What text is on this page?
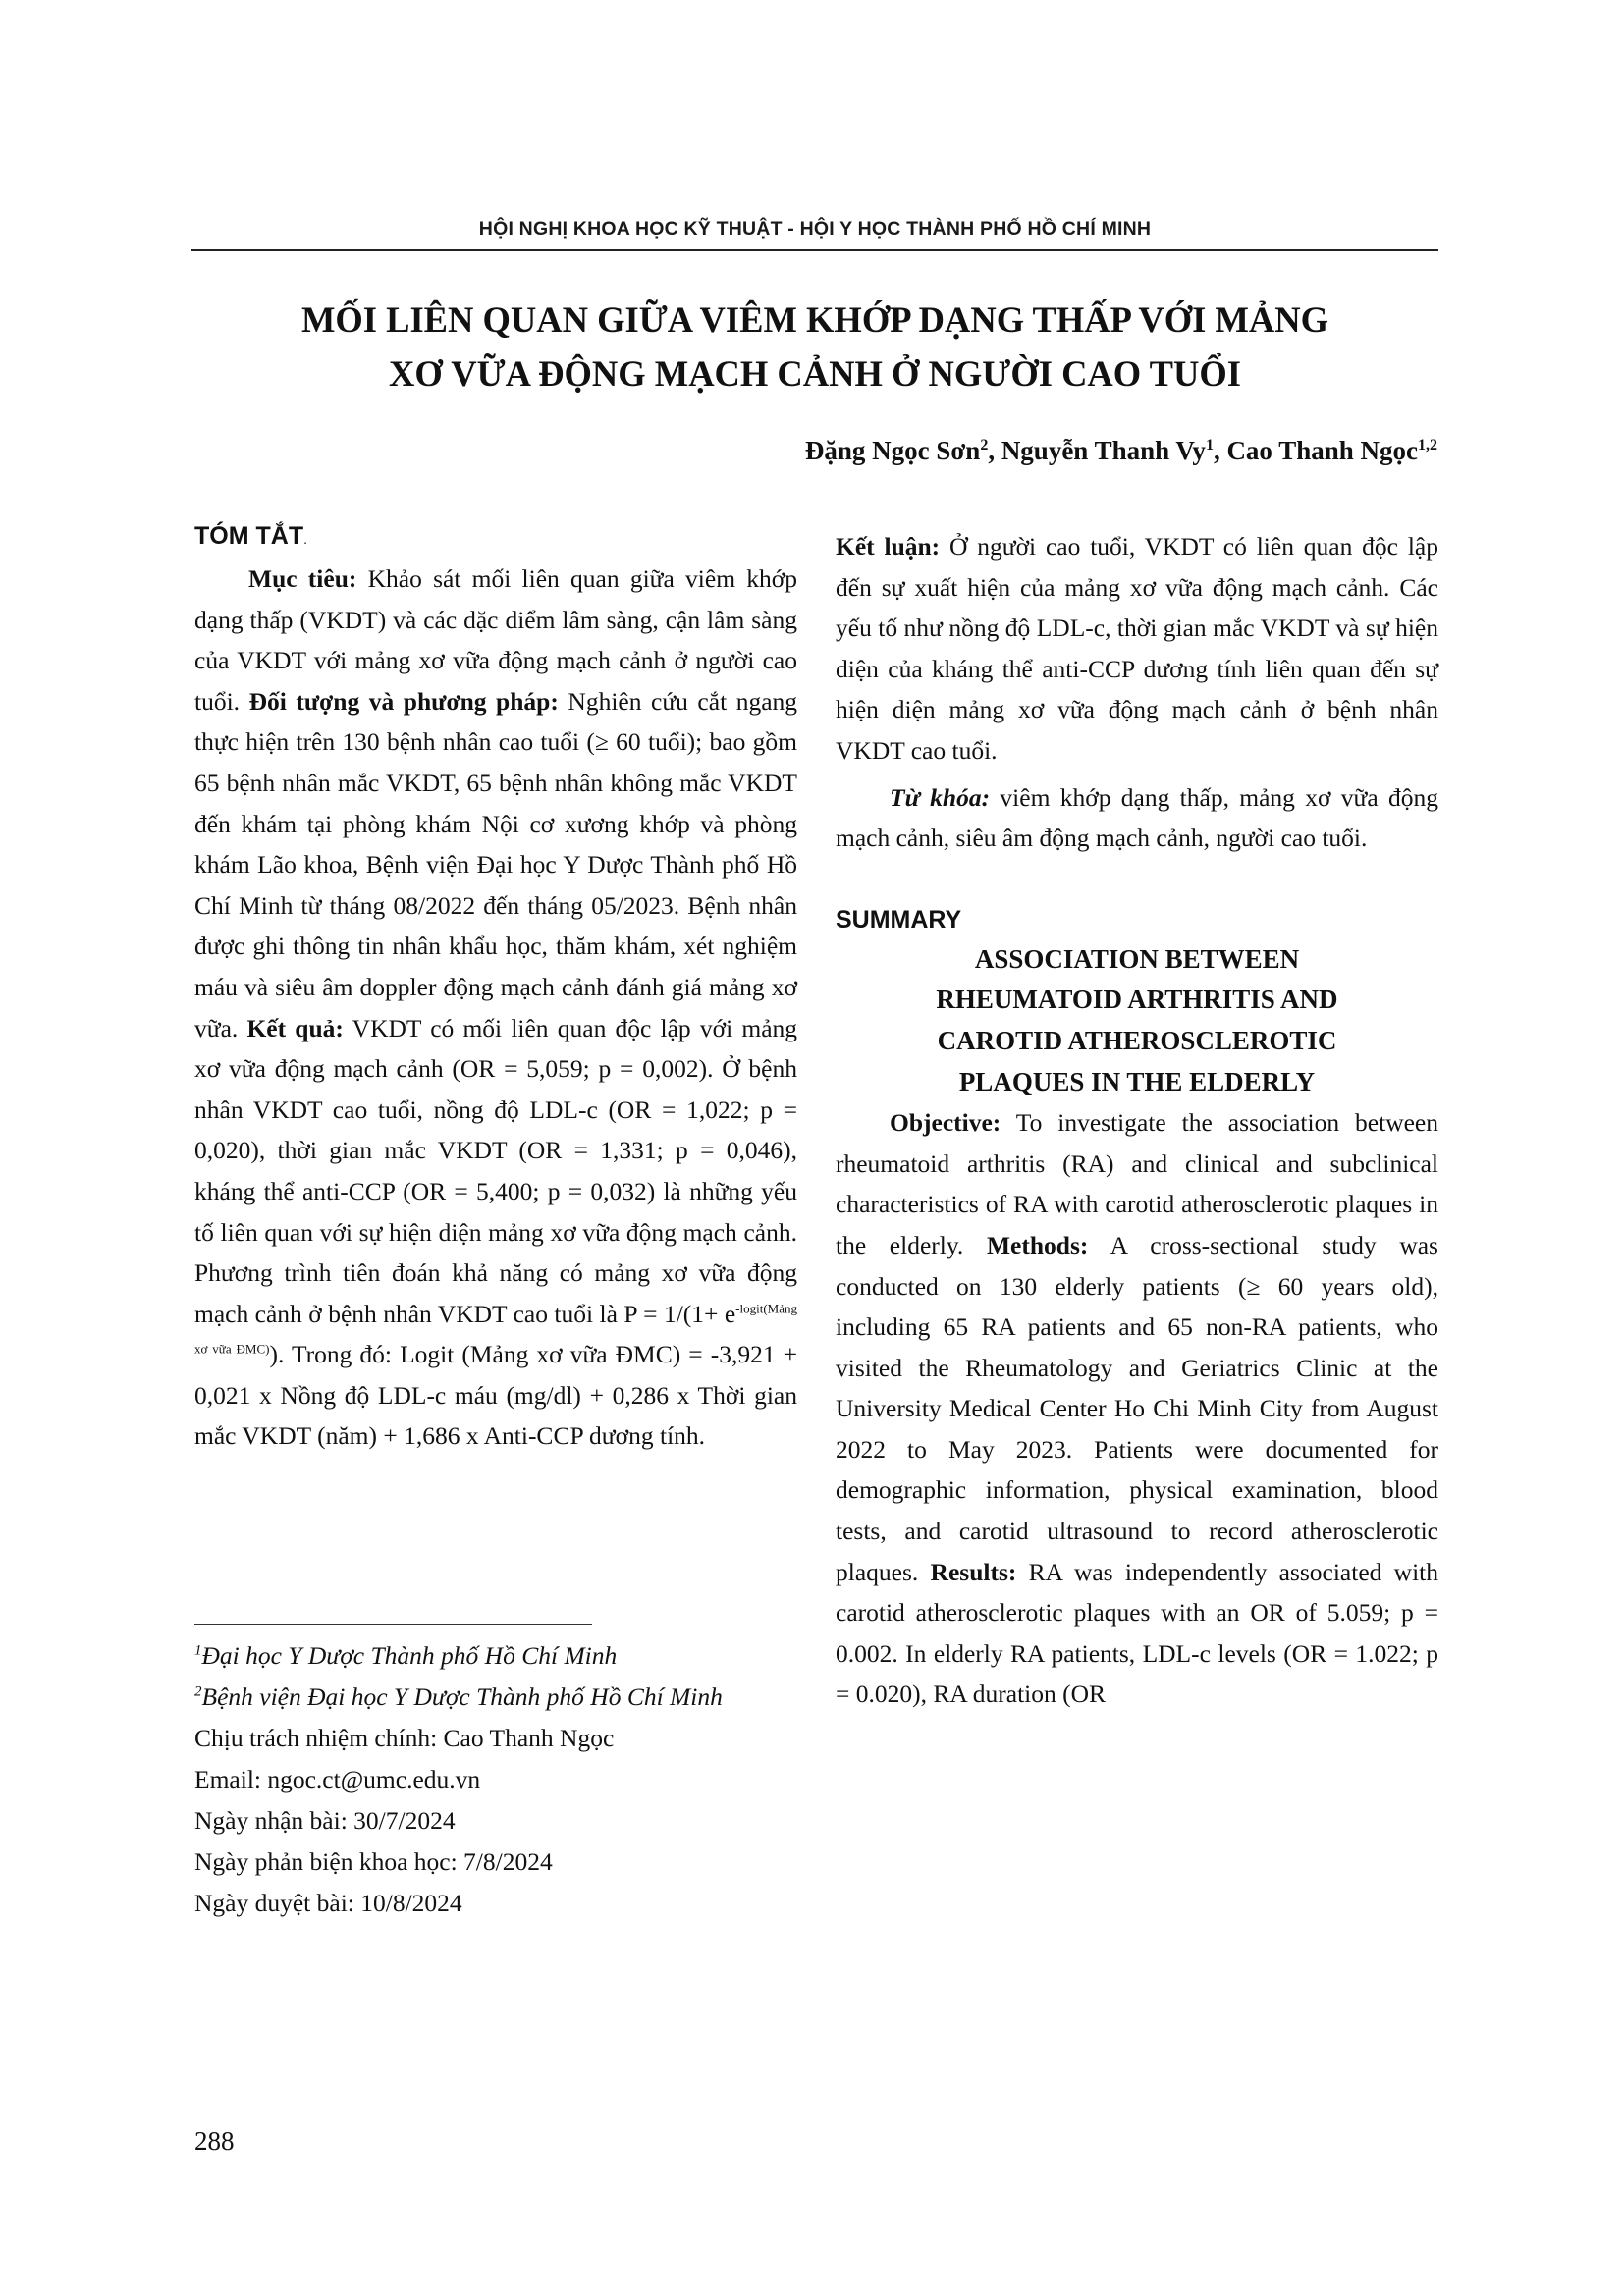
HỘI NGHỊ KHOA HỌC KỸ THUẬT - HỘI Y HỌC THÀNH PHỐ HỒ CHÍ MINH
MỐI LIÊN QUAN GIỮA VIÊM KHỚP DẠNG THẤP VỚI MẢNG
XƠ VỮA ĐỘNG MẠCH CẢNH Ở NGƯỜI CAO TUỔI
Đặng Ngọc Sơn$^2$, Nguyễn Thanh Vy$^1$, Cao Thanh Ngọc$^{1,2}$
TÓM TẮT.

Mục tiêu: Khảo sát mối liên quan giữa viêm khớp dạng thấp (VKDT) và các đặc điểm lâm sàng, cận lâm sàng của VKDT với mảng xơ vữa động mạch cảnh ở người cao tuổi. Đối tượng và phương pháp: Nghiên cứu cắt ngang thực hiện trên 130 bệnh nhân cao tuổi (≥ 60 tuổi); bao gồm 65 bệnh nhân mắc VKDT, 65 bệnh nhân không mắc VKDT đến khám tại phòng khám Nội cơ xương khớp và phòng khám Lão khoa, Bệnh viện Đại học Y Dược Thành phố Hồ Chí Minh từ tháng 08/2022 đến tháng 05/2023. Bệnh nhân được ghi thông tin nhân khẩu học, thăm khám, xét nghiệm máu và siêu âm doppler động mạch cảnh đánh giá mảng xơ vữa. Kết quả: VKDT có mối liên quan độc lập với mảng xơ vữa động mạch cảnh (OR = 5,059; p = 0,002). Ở bệnh nhân VKDT cao tuổi, nồng độ LDL-c (OR = 1,022; p = 0,020), thời gian mắc VKDT (OR = 1,331; p = 0,046), kháng thể anti-CCP (OR = 5,400; p = 0,032) là những yếu tố liên quan với sự hiện diện mảng xơ vữa động mạch cảnh. Phương trình tiên đoán khả năng có mảng xơ vữa động mạch cảnh ở bệnh nhân VKDT cao tuổi là $P = 1/(1+ e^{-logit(Mảng xơ vữa ĐMC)})$. Trong đó: Logit (Mảng xơ vữa ĐMC) = -3,921 + 0,021 x Nồng độ LDL-c máu (mg/dl) + 0,286 x Thời gian mắc VKDT (năm) + 1,686 x Anti-CCP dương tính.

$^1$Đại học Y Dược Thành phố Hồ Chí Minh
$^2$Bệnh viện Đại học Y Dược Thành phố Hồ Chí Minh
Chịu trách nhiệm chính: Cao Thanh Ngọc
Email: ngoc.ct@umc.edu.vn
Ngày nhận bài: 30/7/2024
Ngày phản biện khoa học: 7/8/2024
Ngày duyệt bài: 10/8/2024

Kết luận: Ở người cao tuổi, VKDT có liên quan độc lập đến sự xuất hiện của mảng xơ vữa động mạch cảnh. Các yếu tố như nồng độ LDL-c, thời gian mắc VKDT và sự hiện diện của kháng thể anti-CCP dương tính liên quan đến sự hiện diện mảng xơ vữa động mạch cảnh ở bệnh nhân VKDT cao tuổi.

Từ khóa: viêm khớp dạng thấp, mảng xơ vữa động mạch cảnh, siêu âm động mạch cảnh, người cao tuổi.

SUMMARY
ASSOCIATION BETWEEN
RHEUMATOID ARTHRITIS AND
CAROTID ATHEROSCLEROTIC
PLAQUES IN THE ELDERLY

Objective: To investigate the association between rheumatoid arthritis (RA) and clinical and subclinical characteristics of RA with carotid atherosclerotic plaques in the elderly. Methods: A cross-sectional study was conducted on 130 elderly patients (≥ 60 years old), including 65 RA patients and 65 non-RA patients, who visited the Rheumatology and Geriatrics Clinic at the University Medical Center Ho Chi Minh City from August 2022 to May 2023. Patients were documented for demographic information, physical examination, blood tests, and carotid ultrasound to record atherosclerotic plaques. Results: RA was independently associated with carotid atherosclerotic plaques with an OR of 5.059; p = 0.002. In elderly RA patients, LDL-c levels (OR = 1.022; p = 0.020), RA duration (OR

288
